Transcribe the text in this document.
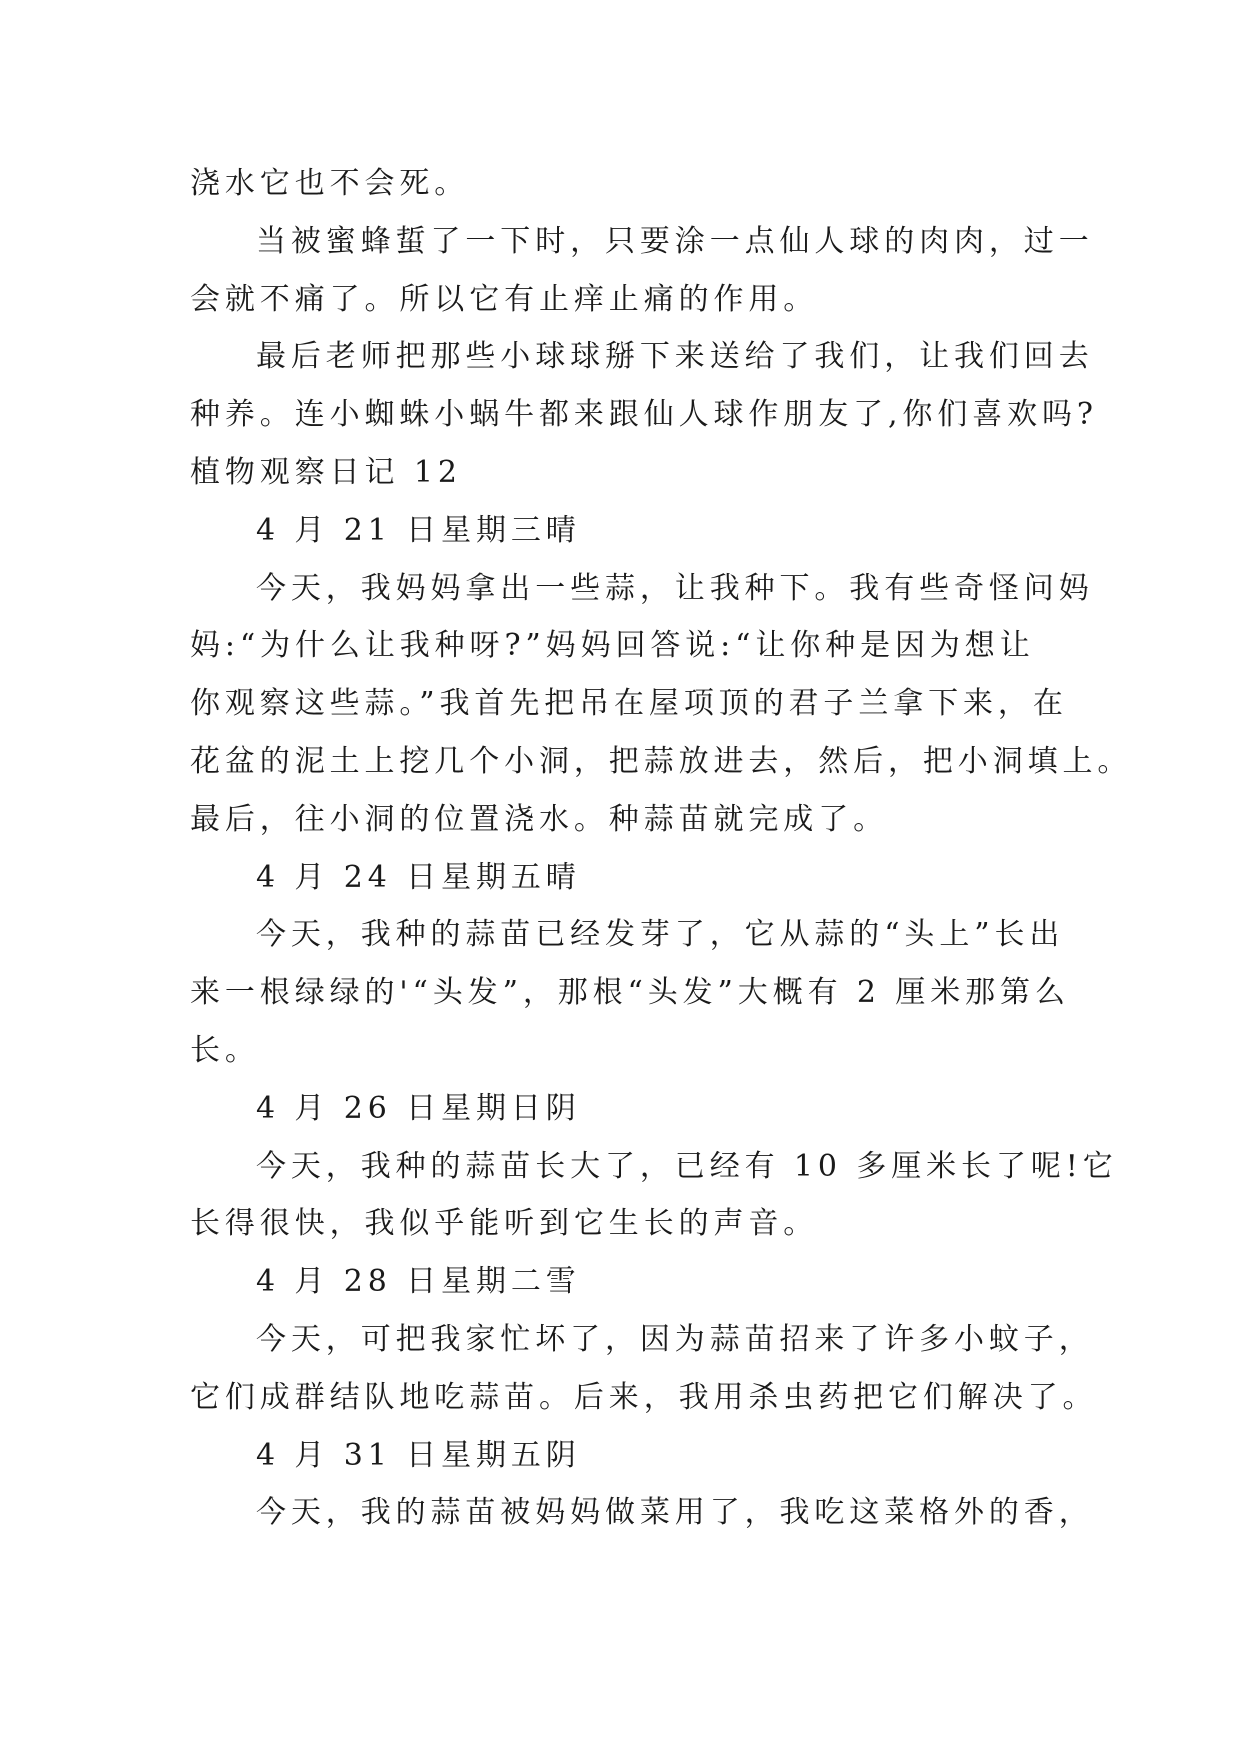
浇水它也不会死。
当被蜜蜂蜇了一下时，只要涂一点仙人球的肉肉，过一
会就不痛了。所以它有止痒止痛的作用。
最后老师把那些小球球掰下来送给了我们，让我们回去
种养。连小蜘蛛小蜗牛都来跟仙人球作朋友了,你们喜欢吗?
植物观察日记 12
4 月 21 日星期三晴
今天，我妈妈拿出一些蒜，让我种下。我有些奇怪问妈
妈:“为什么让我种呀?”妈妈回答说:“让你种是因为想让
你观察这些蒜。”我首先把吊在屋项顶的君子兰拿下来，在
花盆的泥土上挖几个小洞，把蒜放进去，然后，把小洞填上。
最后，往小洞的位置浇水。种蒜苗就完成了。
4 月 24 日星期五晴
今天，我种的蒜苗已经发芽了，它从蒜的“头上”长出
来一根绿绿的'“头发”，那根“头发”大概有 2 厘米那第么
长。
4 月 26 日星期日阴
今天，我种的蒜苗长大了，已经有 10 多厘米长了呢!它
长得很快，我似乎能听到它生长的声音。
4 月 28 日星期二雪
今天，可把我家忙坏了，因为蒜苗招来了许多小蚊子，
它们成群结队地吃蒜苗。后来，我用杀虫药把它们解决了。
4 月 31 日星期五阴
今天，我的蒜苗被妈妈做菜用了，我吃这菜格外的香，
